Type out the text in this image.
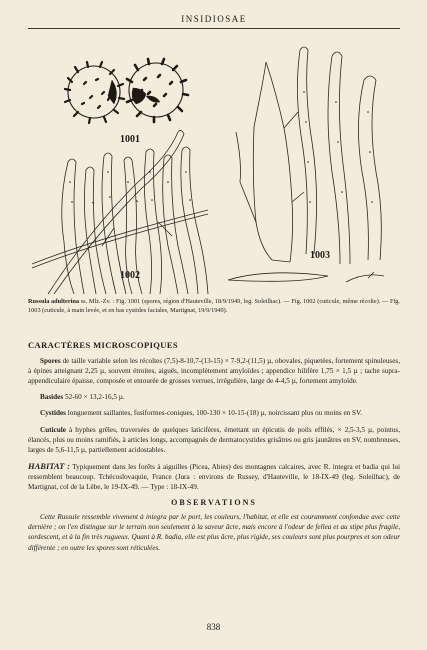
INSIDIOSAE
1001
1002
1003

Russula adulterina ss. Mlz.-Zv. : Fig. 1001 (spores, région d'Hauteville, 18/9/1949, leg. Soleilhac). — Fig. 1002 (cuticule, même récolte). — Fig. 1003 (cuticule, à main levée, et en bas cystides faciales, Martignat, 19/9/1949).

CARACTÈRES MICROSCOPIQUES

Spores de taille variable selon les récoltes (7,5)-8-10,7-(13-15) × 7-9,2-(11,5) µ, obovales, piquetées, fortement spinuleuses, à épines atteignant 2,25 µ, souvent étroites, aiguës, incomplètement amyloïdes ; appendice hilifère 1,75 × 1,5 µ ; tache supra-appendiculaire épaisse, composée et entourée de grosses verrues, irrégulière, large de 4-4,5 µ, fortement amyloïde.

Basides 52-60 × 13,2-16,5 µ.

Cystides longuement saillantes, fusiformes-coniques, 100-130 × 10-15-(18) µ, noircissant plus ou moins en SV.

Cuticule à hyphes grêles, traversées de quelques laticifères, émettant un épicutis de poils effilés, × 2,5-3,5 µ, pointus, élancés, plus ou moins ramifiés, à articles longs, accompagnés de dermatocystides grisâtres ou gris jaunâtres en SV, nombreuses, larges de 5,6-11,5 µ, partiellement acidostables.

HABITAT : Typiquement dans les forêts à aiguilles (Picea, Abies) des montagnes calcaires, avec R. integra et badia qui lui ressemblent beaucoup. Tchécoslovaquie, France (Jura : environs de Russey, d'Hauteville, le 18-IX-49 (leg. Soleilhac), de Martignat, col de la Lèbe, le 19-IX-49. — Type : 18-IX-49.

OBSERVATIONS

Cette Russule ressemble vivement à integra par le port, les couleurs, l'habitat, et elle est couramment confondue avec cette dernière ; on l'en distingue sur le terrain non seulement à la saveur âcre, mais encore à l'odeur de fellea et au stipe plus fragile, sordescent, et à la fin très rugueux. Quant à R. badia, elle est plus âcre, plus rigide, ses couleurs sont plus pourpres et son odeur différente ; en outre les spores sont réticulées.

838
